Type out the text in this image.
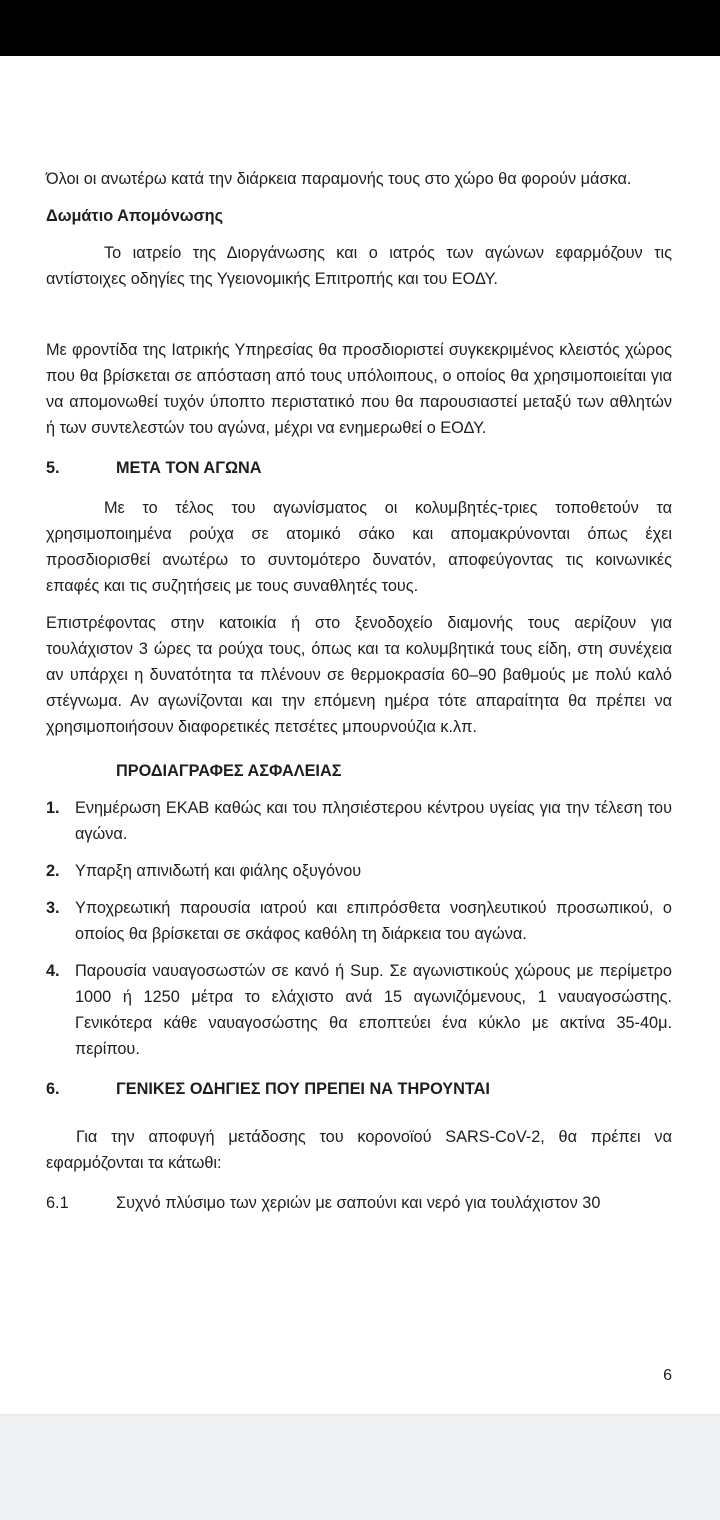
Όλοι οι ανωτέρω κατά την διάρκεια παραμονής τους στο χώρο θα φορούν μάσκα.

Δωμάτιο Απομόνωσης

Το ιατρείο της Διοργάνωσης και ο ιατρός των αγώνων εφαρμόζουν τις αντίστοιχες οδηγίες της Υγειονομικής Επιτροπής και του ΕΟΔΥ.

Με φροντίδα της Ιατρικής Υπηρεσίας θα προσδιοριστεί συγκεκριμένος κλειστός χώρος που θα βρίσκεται σε απόσταση από τους υπόλοιπους, ο οποίος θα χρησιμοποιείται για να απομονωθεί τυχόν ύποπτο περιστατικό που θα παρουσιαστεί μεταξύ των αθλητών ή των συντελεστών του αγώνα, μέχρι να ενημερωθεί ο ΕΟΔΥ.

5.	ΜΕΤΑ ΤΟΝ ΑΓΩΝΑ

Με το τέλος του αγωνίσματος οι κολυμβητές-τριες τοποθετούν τα χρησιμοποιημένα ρούχα σε ατομικό σάκο και απομακρύνονται όπως έχει προσδιορισθεί ανωτέρω το συντομότερο δυνατόν, αποφεύγοντας τις κοινωνικές επαφές και τις συζητήσεις με τους συναθλητές τους.

Επιστρέφοντας στην κατοικία ή στο ξενοδοχείο διαμονής τους αερίζουν για τουλάχιστον 3 ώρες τα ρούχα τους, όπως και τα κολυμβητικά τους είδη, στη συνέχεια αν υπάρχει η δυνατότητα τα πλένουν σε θερμοκρασία 60–90 βαθμούς με πολύ καλό στέγνωμα. Αν αγωνίζονται και την επόμενη ημέρα τότε απαραίτητα θα πρέπει να χρησιμοποιήσουν διαφορετικές πετσέτες μπουρνούζια κ.λπ.

ΠΡΟΔΙΑΓΡΑΦΕΣ ΑΣΦΑΛΕΙΑΣ
1. Ενημέρωση ΕΚΑΒ καθώς και του πλησιέστερου κέντρου υγείας για την τέλεση του αγώνα.
2. Υπαρξη απινιδωτή και φιάλης οξυγόνου
3. Υποχρεωτική παρουσία ιατρού και επιπρόσθετα νοσηλευτικού προσωπικού, ο οποίος θα βρίσκεται σε σκάφος καθόλη τη διάρκεια του αγώνα.
4. Παρουσία ναυαγοσωστών σε κανό ή Sup. Σε αγωνιστικούς χώρους με περίμετρο 1000 ή 1250 μέτρα το ελάχιστο ανά 15 αγωνιζόμενους, 1 ναυαγοσώστης. Γενικότερα κάθε ναυαγοσώστης θα εποπτεύει ένα κύκλο με ακτίνα 35-40μ. περίπου.
6.	ΓΕΝΙΚΕΣ ΟΔΗΓΙΕΣ ΠΟΥ ΠΡΕΠΕΙ ΝΑ ΤΗΡΟΥΝΤΑΙ

Για την αποφυγή μετάδοσης του κορονοϊού SARS-CoV-2, θα πρέπει να εφαρμόζονται τα κάτωθι:

6.1	Συχνό πλύσιμο των χεριών με σαπούνι και νερό για τουλάχιστον 30
6
